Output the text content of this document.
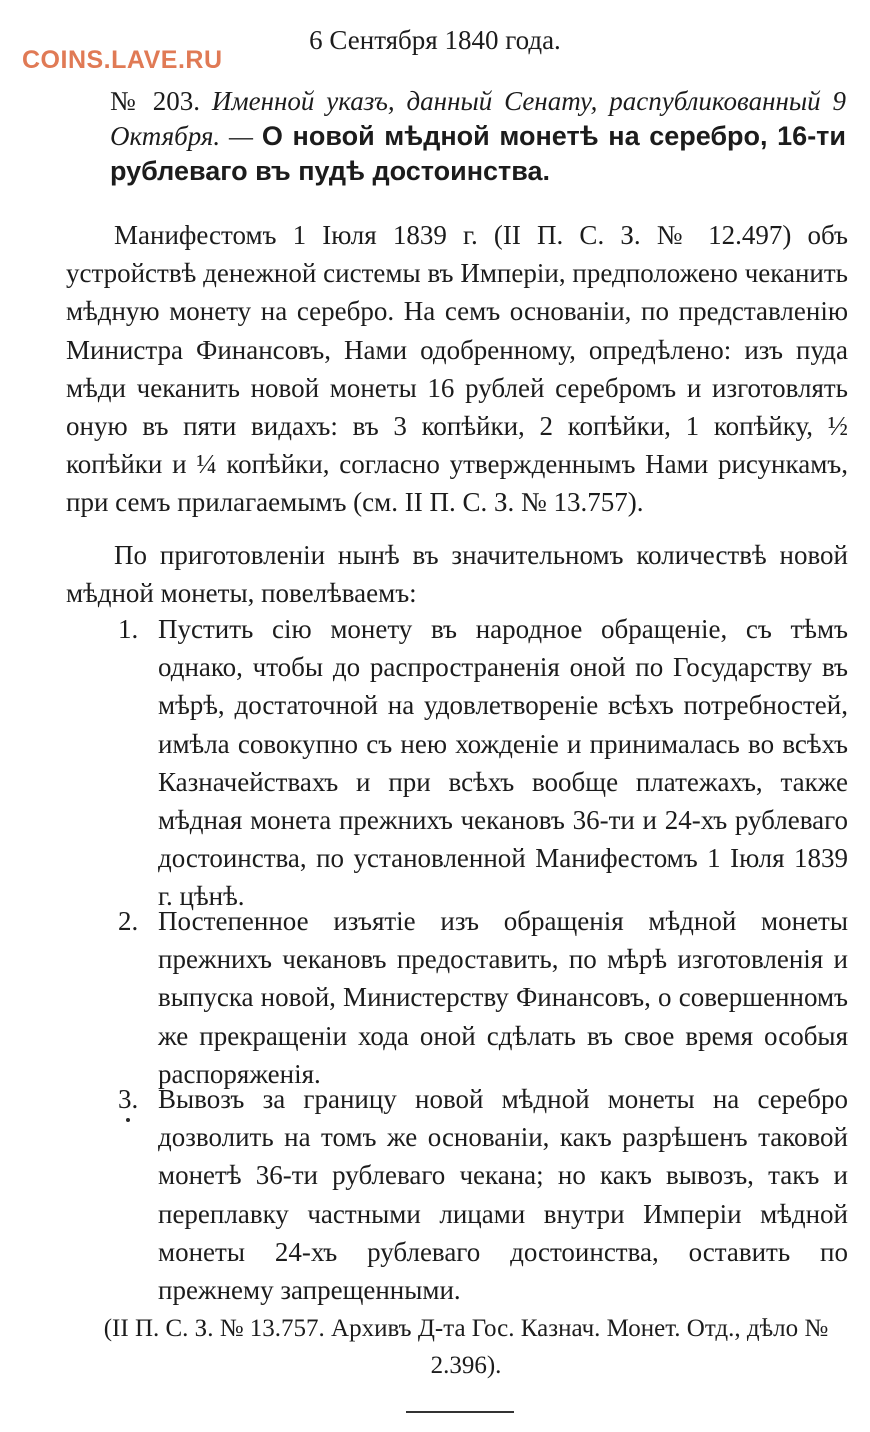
COINS.LAVE.RU
6 Сентября 1840 года.
№ 203. Именной указъ, данный Сенату, распубликованный 9 Октября. — О новой мѣдной монетѣ на серебро, 16-ти рублеваго въ пудѣ достоинства.
Манифестомъ 1 Іюля 1839 г. (II П. С. З. № 12.497) объ устройствѣ денежной системы въ Имперіи, предположено чеканить мѣдную монету на серебро. На семъ основаніи, по представленію Министра Финансовъ, Нами одобренному, опредѣлено: изъ пуда мѣди чеканить новой монеты 16 рублей серебромъ и изготовлять оную въ пяти видахъ: въ 3 копѣйки, 2 копѣйки, 1 копѣйку, ½ копѣйки и ¼ копѣйки, согласно утвержденнымъ Нами рисункамъ, при семъ прилагаемымъ (см. II П. С. З. № 13.757).
По приготовленіи нынѣ въ значительномъ количествѣ новой мѣдной монеты, повелѣваемъ:
1. Пустить сію монету въ народное обращеніе, съ тѣмъ однако, чтобы до распространенія оной по Государству въ мѣрѣ, достаточной на удовлетвореніе всѣхъ потребностей, имѣла совокупно съ нею хожденіе и принималась во всѣхъ Казначействахъ и при всѣхъ вообще платежахъ, также мѣдная монета прежнихъ чекановъ 36-ти и 24-хъ рублеваго достоинства, по установленной Манифестомъ 1 Іюля 1839 г. цѣнѣ.
2. Постепенное изъятіе изъ обращенія мѣдной монеты прежнихъ чекановъ предоставить, по мѣрѣ изготовленія и выпуска новой, Министерству Финансовъ, о совершенномъ же прекращеніи хода оной сдѣлать въ свое время особыя распоряженія.
3. Вывозъ за границу новой мѣдной монеты на серебро дозволить на томъ же основаніи, какъ разрѣшенъ таковой монетѣ 36-ти рублеваго чекана; но какъ вывозъ, такъ и переплавку частными лицами внутри Имперіи мѣдной монеты 24-хъ рублеваго достоинства, оставить по прежнему запрещенными.
(II П. С. З. № 13.757. Архивъ Д-та Гос. Казнач. Монет. Отд., дѣло № 2.396).
